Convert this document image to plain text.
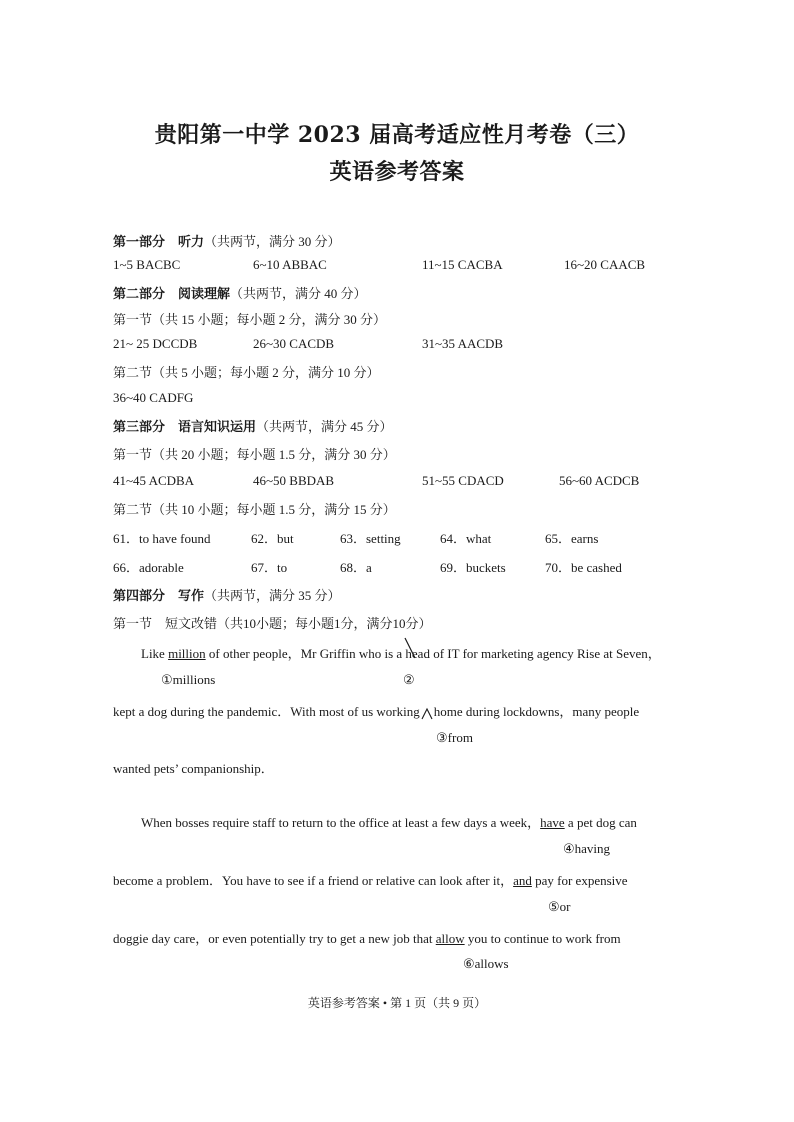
贵阳第一中学 2023 届高考适应性月考卷（三）
英语参考答案
第一部分 听力（共两节，满分 30 分）
1~5 BACBC	6~10 ABBAC	11~15 CACBA	16~20 CAACB
第二部分 阅读理解（共两节，满分 40 分）
第一节（共 15 小题；每小题 2 分，满分 30 分）
21~ 25 DCCDB	26~30 CACDB	31~35 AACDB
第二节（共 5 小题；每小题 2 分，满分 10 分）
36~40 CADFG
第三部分 语言知识运用（共两节，满分 45 分）
第一节（共 20 小题；每小题 1.5 分，满分 30 分）
41~45 ACDBA	46~50 BBDAB	51~55 CDACD	56~60 ACDCB
第二节（共 10 小题；每小题 1.5 分，满分 15 分）
61．to have found	62．but	63．setting	64．what	65．earns
66．adorable	67．to	68．a	69．buckets	70．be cashed
第四部分 写作（共两节，满分 35 分）
第一节　短文改错（共10小题；每小题1分，满分10分）
Like million of other people，Mr Griffin who is a head of IT for marketing agency Rise at Seven，
①millions	②
kept a dog during the pandemic．With most of us working home during lockdowns，many people
③from
wanted pets’ companionship．
When bosses require staff to return to the office at least a few days a week，have a pet dog can
④having
become a problem．You have to see if a friend or relative can look after it，and pay for expensive
⑤or
doggie day care，or even potentially try to get a new job that allow you to continue to work from
⑥allows
英语参考答案 • 第 1 页（共 9 页）
